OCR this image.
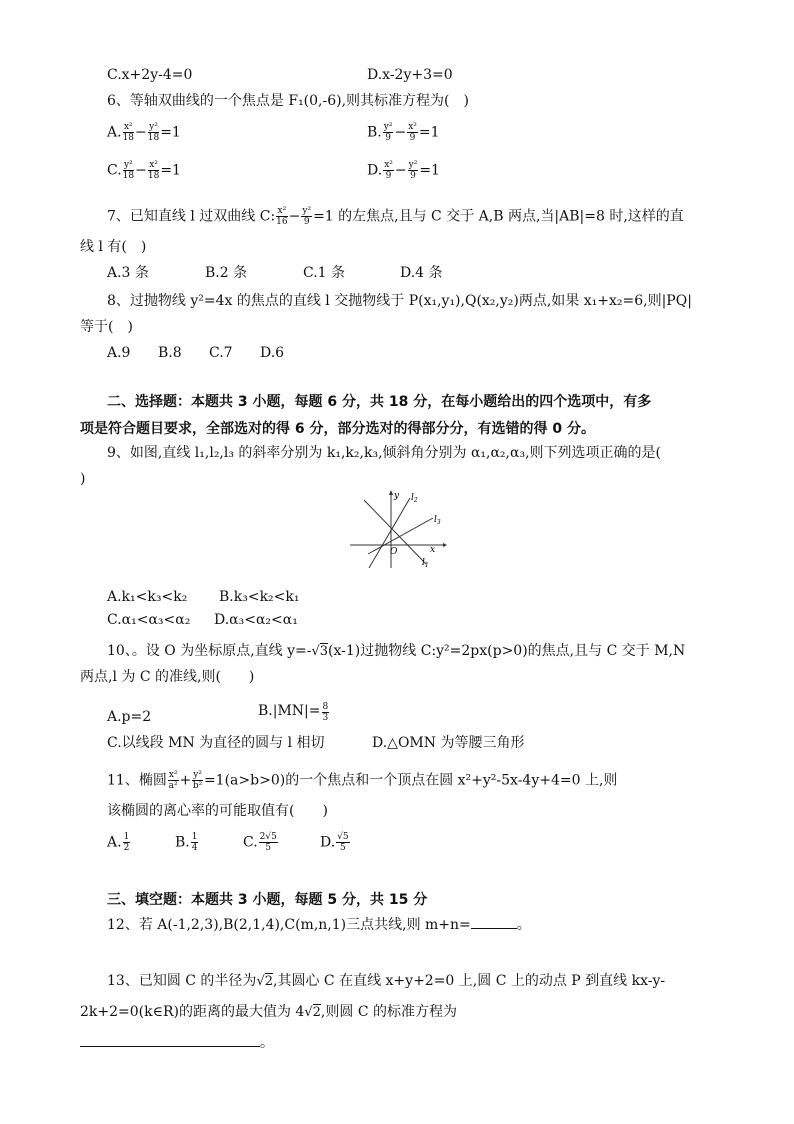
C.x+2y-4=0	D.x-2y+3=0
6、等轴双曲线的一个焦点是 F₁(0,-6),则其标准方程为(　)
A. $\frac{\text{x²}}{18} - \frac{\text{y²}}{18} =1$	B. $\frac{\text{y²}}{9} - \frac{\text{x²}}{9} =1$
C. $\frac{\text{y²}}{18} - \frac{\text{x²}}{18} =1$	D. $\frac{\text{x²}}{9} - \frac{\text{y²}}{9} =1$
7、已知直线 l 过双曲线 C: $\frac{\text{x²}}{16} - \frac{\text{y²}}{9} =1$ 的左焦点,且与 C 交于 A,B 两点,当|AB|=8 时,这样的直
线 l 有(　)
A.3 条	B.2 条	C.1 条	D.4 条
8、过抛物线 y²=4x 的焦点的直线 l 交抛物线于 P(x₁,y₁),Q(x₂,y₂)两点,如果 x₁+x₂=6,则|PQ|
等于(　)
A.9 B.8 C.7 D.6
二、选择题：本题共 3 小题，每题 6 分，共 18 分，在每小题给出的四个选项中，有多
项是符合题目要求，全部选对的得 6 分，部分选对的得部分分，有选错的得 0 分。
9、如图,直线 l₁,l₂,l₃ 的斜率分别为 k₁,k₂,k₃,倾斜角分别为 α₁,α₂,α₃,则下列选项正确的是(
)
y
x
O
$l_2$
$l_3$
$l_1$
A.k₁<k₃<k₂ B.k₃<k₂<k₁
C.α₁<α₃<α₂ D.α₃<α₂<α₁
10、。设 O 为坐标原点,直线 y=-√3(x-1)过抛物线 C:y²=2px(p>0)的焦点,且与 C 交于 M,N
两点,l 为 C 的准线,则(　　)
A.p=2	$B.|MN|= \frac{8}{3}$
C.以线段 MN 为直径的圆与 l 相切	D.△OMN 为等腰三角形
11、椭圆 $\frac{\text{x²}}{\text{a²}} + \frac{\text{y²}}{\text{b²}} =1(a>b>0)$的一个焦点和一个顶点在圆 x²+y²-5x-4y+4=0 上,则
该椭圆的离心率的可能取值有(　　)
A. $\frac{1}{2}$	B. $\frac{1}{4}$	C. $\frac{2√5}{5}$	D. $\frac{√5}{5}$
三、填空题：本题共 3 小题，每题 5 分，共 15 分
12、若 A(-1,2,3),B(2,1,4),C(m,n,1)三点共线,则 m+n=	。
13、已知圆 C 的半径为√2,其圆心 C 在直线 x+y+2=0 上,圆 C 上的动点 P 到直线 kx-y-
2k+2=0(k∈R)的距离的最大值为 4√2,则圆 C 的标准方程为
。
